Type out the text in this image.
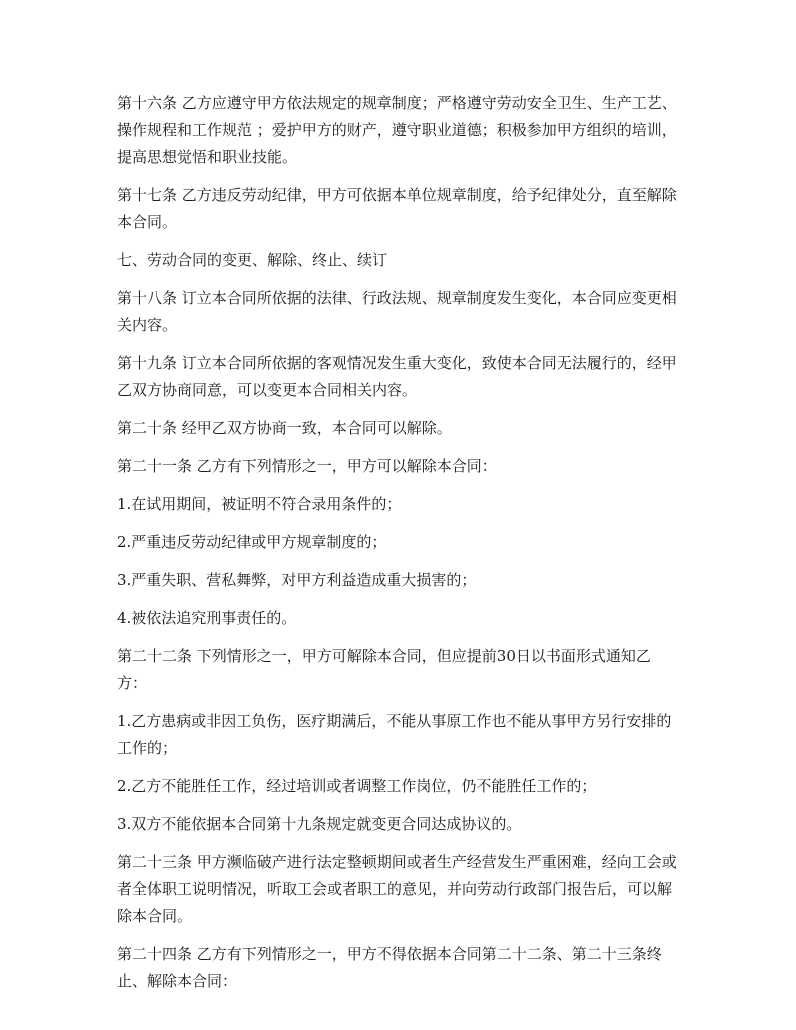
第十六条 乙方应遵守甲方依法规定的规章制度；严格遵守劳动安全卫生、生产工艺、操作规程和工作规范 ；爱护甲方的财产，遵守职业道德；积极参加甲方组织的培训，提高思想觉悟和职业技能。

第十七条 乙方违反劳动纪律，甲方可依据本单位规章制度，给予纪律处分，直至解除本合同。

七、劳动合同的变更、解除、终止、续订

第十八条 订立本合同所依据的法律、行政法规、规章制度发生变化，本合同应变更相关内容。

第十九条 订立本合同所依据的客观情况发生重大变化，致使本合同无法履行的，经甲乙双方协商同意，可以变更本合同相关内容。

第二十条 经甲乙双方协商一致，本合同可以解除。

第二十一条 乙方有下列情形之一，甲方可以解除本合同：

1.在试用期间，被证明不符合录用条件的；

2.严重违反劳动纪律或甲方规章制度的；

3.严重失职、营私舞弊，对甲方利益造成重大损害的；

4.被依法追究刑事责任的。

第二十二条 下列情形之一，甲方可解除本合同，但应提前30日以书面形式通知乙方：

1.乙方患病或非因工负伤，医疗期满后，不能从事原工作也不能从事甲方另行安排的工作的；

2.乙方不能胜任工作，经过培训或者调整工作岗位，仍不能胜任工作的；

3.双方不能依据本合同第十九条规定就变更合同达成协议的。

第二十三条 甲方濒临破产进行法定整顿期间或者生产经营发生严重困难，经向工会或者全体职工说明情况，听取工会或者职工的意见，并向劳动行政部门报告后，可以解除本合同。

第二十四条 乙方有下列情形之一，甲方不得依据本合同第二十二条、第二十三条终止、解除本合同：
